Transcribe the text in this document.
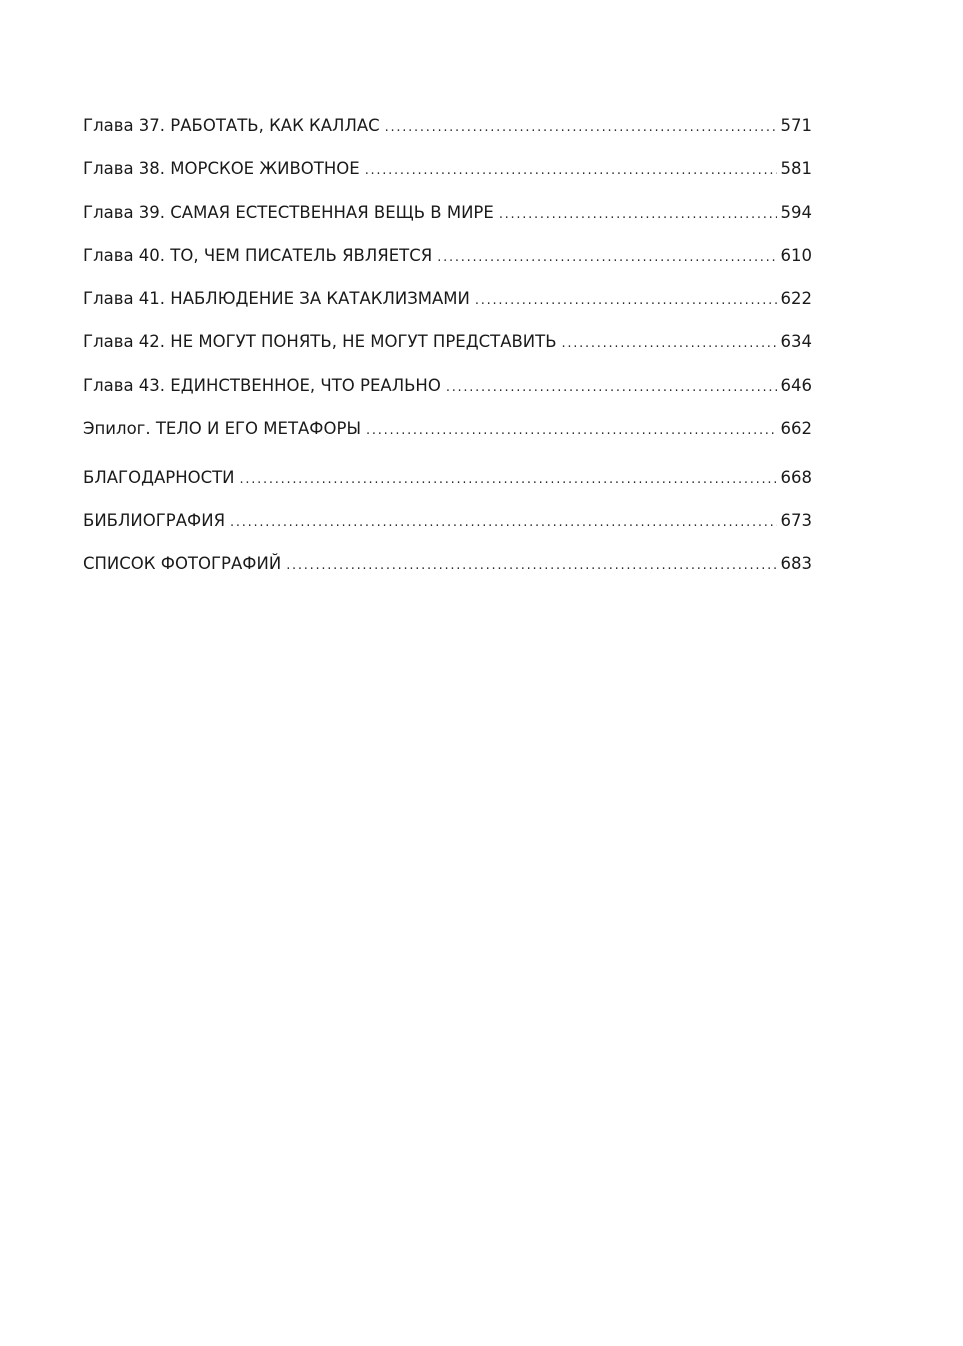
Глава 37. РАБОТАТЬ, КАК КАЛЛАС . . .	571
Глава 38. МОРСКОЕ ЖИВОТНОЕ . . .	581
Глава 39. САМАЯ ЕСТЕСТВЕННАЯ ВЕЩЬ В МИРЕ . . .	594
Глава 40. ТО, ЧЕМ ПИСАТЕЛЬ ЯВЛЯЕТСЯ . . .	610
Глава 41. НАБЛЮДЕНИЕ ЗА КАТАКЛИЗМАМИ . . .	622
Глава 42. НЕ МОГУТ ПОНЯТЬ, НЕ МОГУТ ПРЕДСТАВИТЬ . . .	634
Глава 43. ЕДИНСТВЕННОЕ, ЧТО РЕАЛЬНО . . .	646
Эпилог. ТЕЛО И ЕГО МЕТАФОРЫ . . .	662
БЛАГОДАРНОСТИ . . .	668
БИБЛИОГРАФИЯ . . .	673
СПИСОК ФОТОГРАФИЙ . . .	683
